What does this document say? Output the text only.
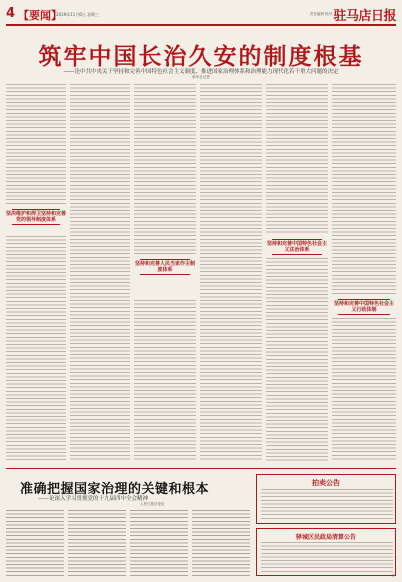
4 【要闻】
2019年11月6日 星期三	责任编辑 校对 驻马店日报
筑牢中国长治久安的制度根基
——论中共中央关于坚持和完善中国特色社会主义制度、推进国家治理体系和治理能力现代化若干重大问题的决定
新华社记者
坚决维护和捍卫坚持和完善党的领导制度体系
坚持和完善人民当家作主制度体系
坚持和完善中国特色社会主义法治体系
坚持和完善中国特色社会主义行政体制
准确把握国家治理的关键和根本
——论深入学习贯彻党的十九届四中全会精神
人民日报评论员
拍卖公告
驿城区民政局清算公告
4
